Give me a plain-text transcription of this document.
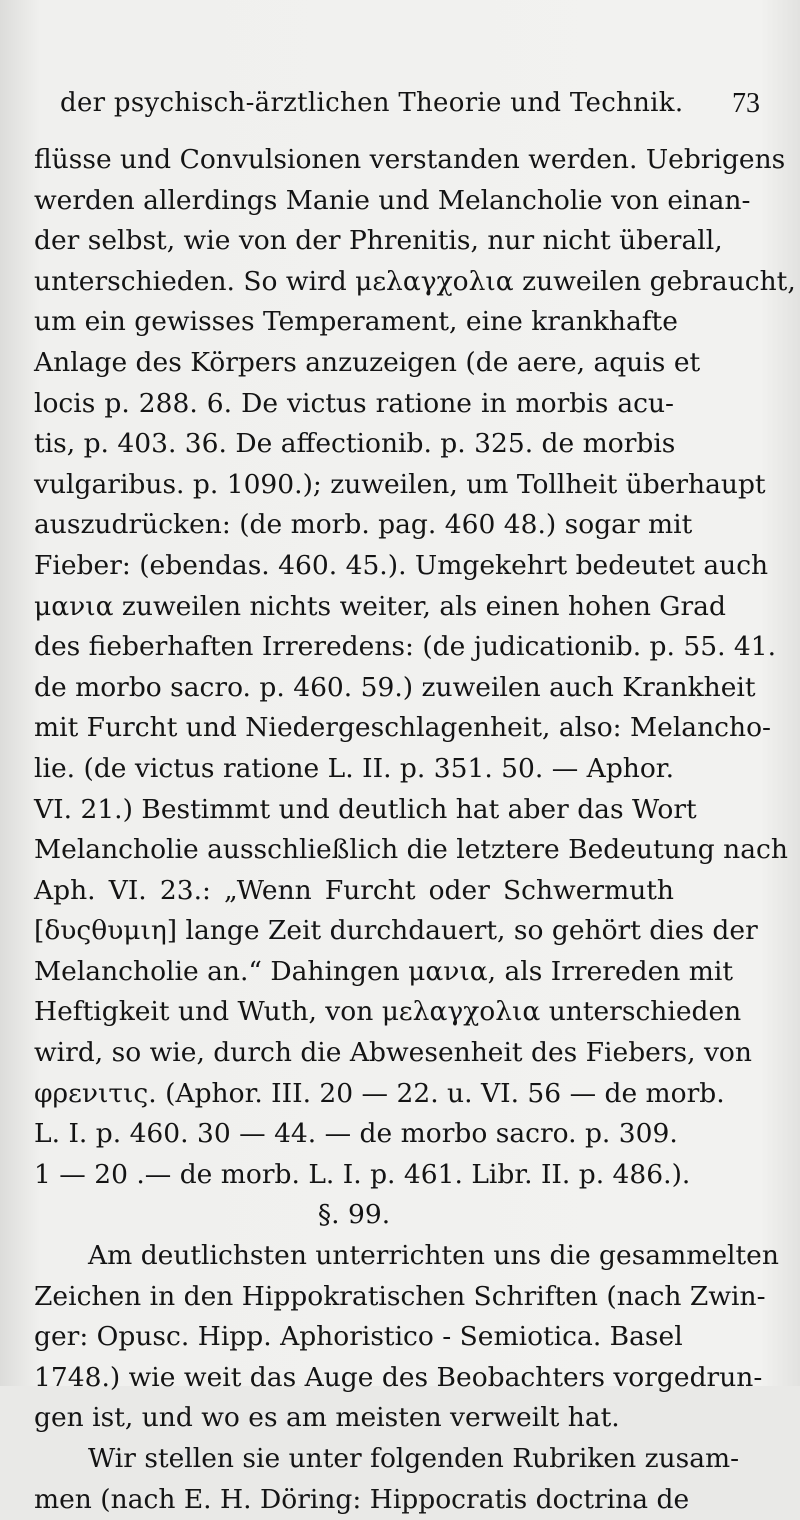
der psychisch-ärztlichen Theorie und Technik. 73
flüsse und Convulsionen verstanden werden. Uebrigens
werden allerdings Manie und Melancholie von einan-
der selbst, wie von der Phrenitis, nur nicht überall,
unterschieden. So wird μελαγχολια zuweilen gebraucht,
um ein gewisses Temperament, eine krankhafte
Anlage des Körpers anzuzeigen (de aere, aquis et
locis p. 288. 6. De victus ratione in morbis acu-
tis, p. 403. 36. De affectionib. p. 325. de morbis
vulgaribus. p. 1090.); zuweilen, um Tollheit überhaupt
auszudrücken: (de morb. pag. 460 48.) sogar mit
Fieber: (ebendas. 460. 45.). Umgekehrt bedeutet auch
μανια zuweilen nichts weiter, als einen hohen Grad
des fieberhaften Irreredens: (de judicationib. p. 55. 41.
de morbo sacro. p. 460. 59.) zuweilen auch Krankheit
mit Furcht und Niedergeschlagenheit, also: Melancho-
lie. (de victus ratione L. II. p. 351. 50. — Aphor.
VI. 21.) Bestimmt und deutlich hat aber das Wort
Melancholie ausschließlich die letztere Bedeutung nach
Aph. VI. 23.: „Wenn Furcht oder Schwermuth
[δυςθυμιη] lange Zeit durchdauert, so gehört dies der
Melancholie an.“ Dahingen μανια, als Irrereden mit
Heftigkeit und Wuth, von μελαγχολια unterschieden
wird, so wie, durch die Abwesenheit des Fiebers, von
φρενιτις. (Aphor. III. 20 — 22. u. VI. 56 — de morb.
L. I. p. 460. 30 — 44. — de morbo sacro. p. 309.
1 — 20 .— de morb. L. I. p. 461. Libr. II. p. 486.).
§. 99.
Am deutlichsten unterrichten uns die gesammelten
Zeichen in den Hippokratischen Schriften (nach Zwin-
ger: Opusc. Hipp. Aphoristico - Semiotica. Basel
1748.) wie weit das Auge des Beobachters vorgedrun-
gen ist, und wo es am meisten verweilt hat.
Wir stellen sie unter folgenden Rubriken zusam-
men (nach E. H. Döring: Hippocratis doctrina de
